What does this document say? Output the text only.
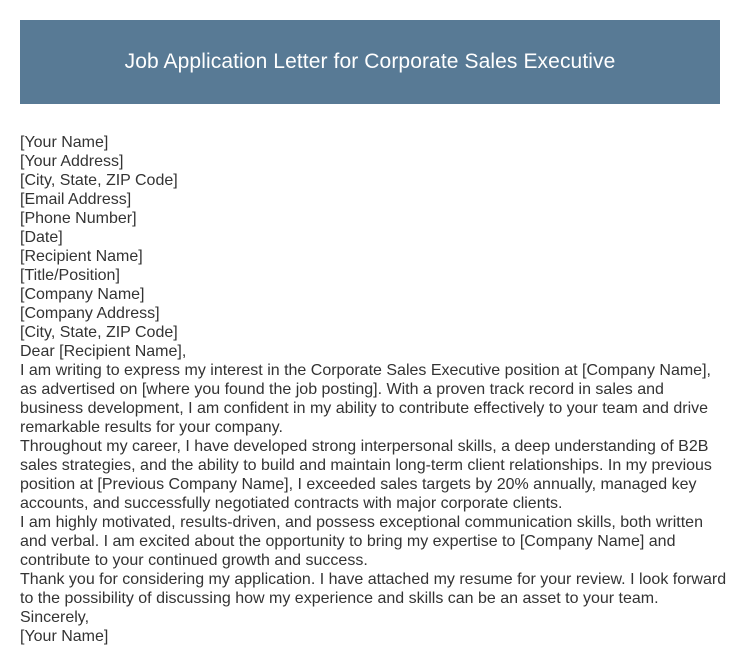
Job Application Letter for Corporate Sales Executive

[Your Name]

[Your Address]

[City, State, ZIP Code]

[Email Address]

[Phone Number]

[Date]

[Recipient Name]

[Title/Position]

[Company Name]

[Company Address]

[City, State, ZIP Code]

Dear [Recipient Name],

I am writing to express my interest in the Corporate Sales Executive position at [Company Name], as advertised on [where you found the job posting]. With a proven track record in sales and business development, I am confident in my ability to contribute effectively to your team and drive remarkable results for your company.

Throughout my career, I have developed strong interpersonal skills, a deep understanding of B2B sales strategies, and the ability to build and maintain long-term client relationships. In my previous position at [Previous Company Name], I exceeded sales targets by 20% annually, managed key accounts, and successfully negotiated contracts with major corporate clients.

I am highly motivated, results-driven, and possess exceptional communication skills, both written and verbal. I am excited about the opportunity to bring my expertise to [Company Name] and contribute to your continued growth and success.

Thank you for considering my application. I have attached my resume for your review. I look forward to the possibility of discussing how my experience and skills can be an asset to your team.

Sincerely,

[Your Name]
